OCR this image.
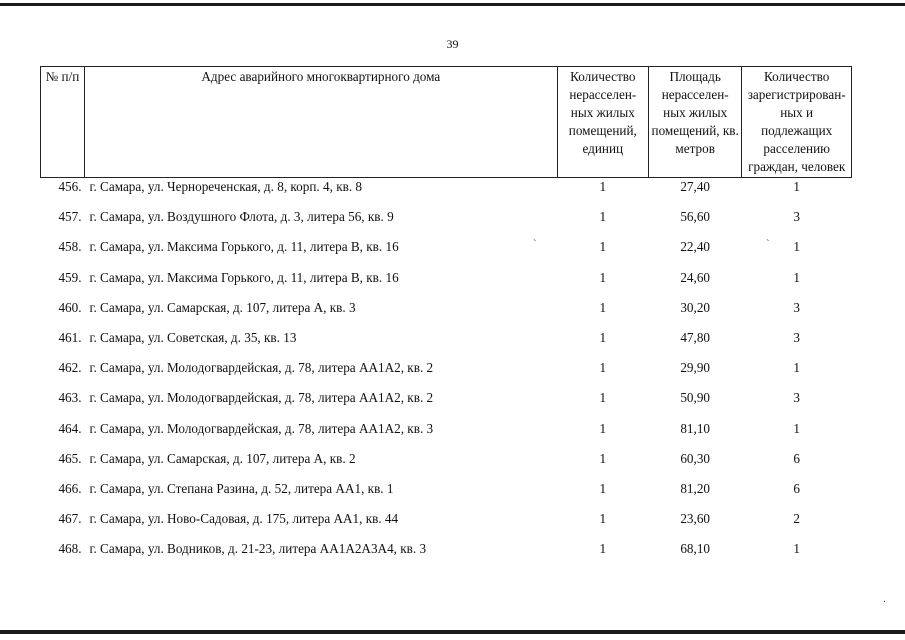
39
№ п/п	Адрес аварийного многоквартирного дома	Количество нерасселен-ных жилых помещений, единиц	Площадь нерасселен-ных жилых помещений, кв. метров	Количество зарегистрирован-ных и подлежащих расселению граждан, человек
456.	г. Самара, ул. Чернореченская, д. 8, корп. 4, кв. 8	1	27,40	1
457.	г. Самара, ул. Воздушного Флота, д. 3, литера 56, кв. 9	1	56,60	3
458.	г. Самара, ул. Максима Горького, д. 11, литера В, кв. 16	1	22,40	1
459.	г. Самара, ул. Максима Горького, д. 11, литера В, кв. 16	1	24,60	1
460.	г. Самара, ул. Самарская, д. 107, литера А, кв. 3	1	30,20	3
461.	г. Самара, ул. Советская, д. 35, кв. 13	1	47,80	3
462.	г. Самара, ул. Молодогвардейская, д. 78, литера АА1А2, кв. 2	1	29,90	1
463.	г. Самара, ул. Молодогвардейская, д. 78, литера АА1А2, кв. 2	1	50,90	3
464.	г. Самара, ул. Молодогвардейская, д. 78, литера АА1А2, кв. 3	1	81,10	1
465.	г. Самара, ул. Самарская, д. 107, литера А, кв. 2	1	60,30	6
466.	г. Самара, ул. Степана Разина, д. 52, литера АА1, кв. 1	1	81,20	6
467.	г. Самара, ул. Ново-Садовая, д. 175, литера АА1, кв. 44	1	23,60	2
468.	г. Самара, ул. Водников, д. 21-23, литера АА1А2А3А4, кв. 3	1	68,10	1
`	`
.
